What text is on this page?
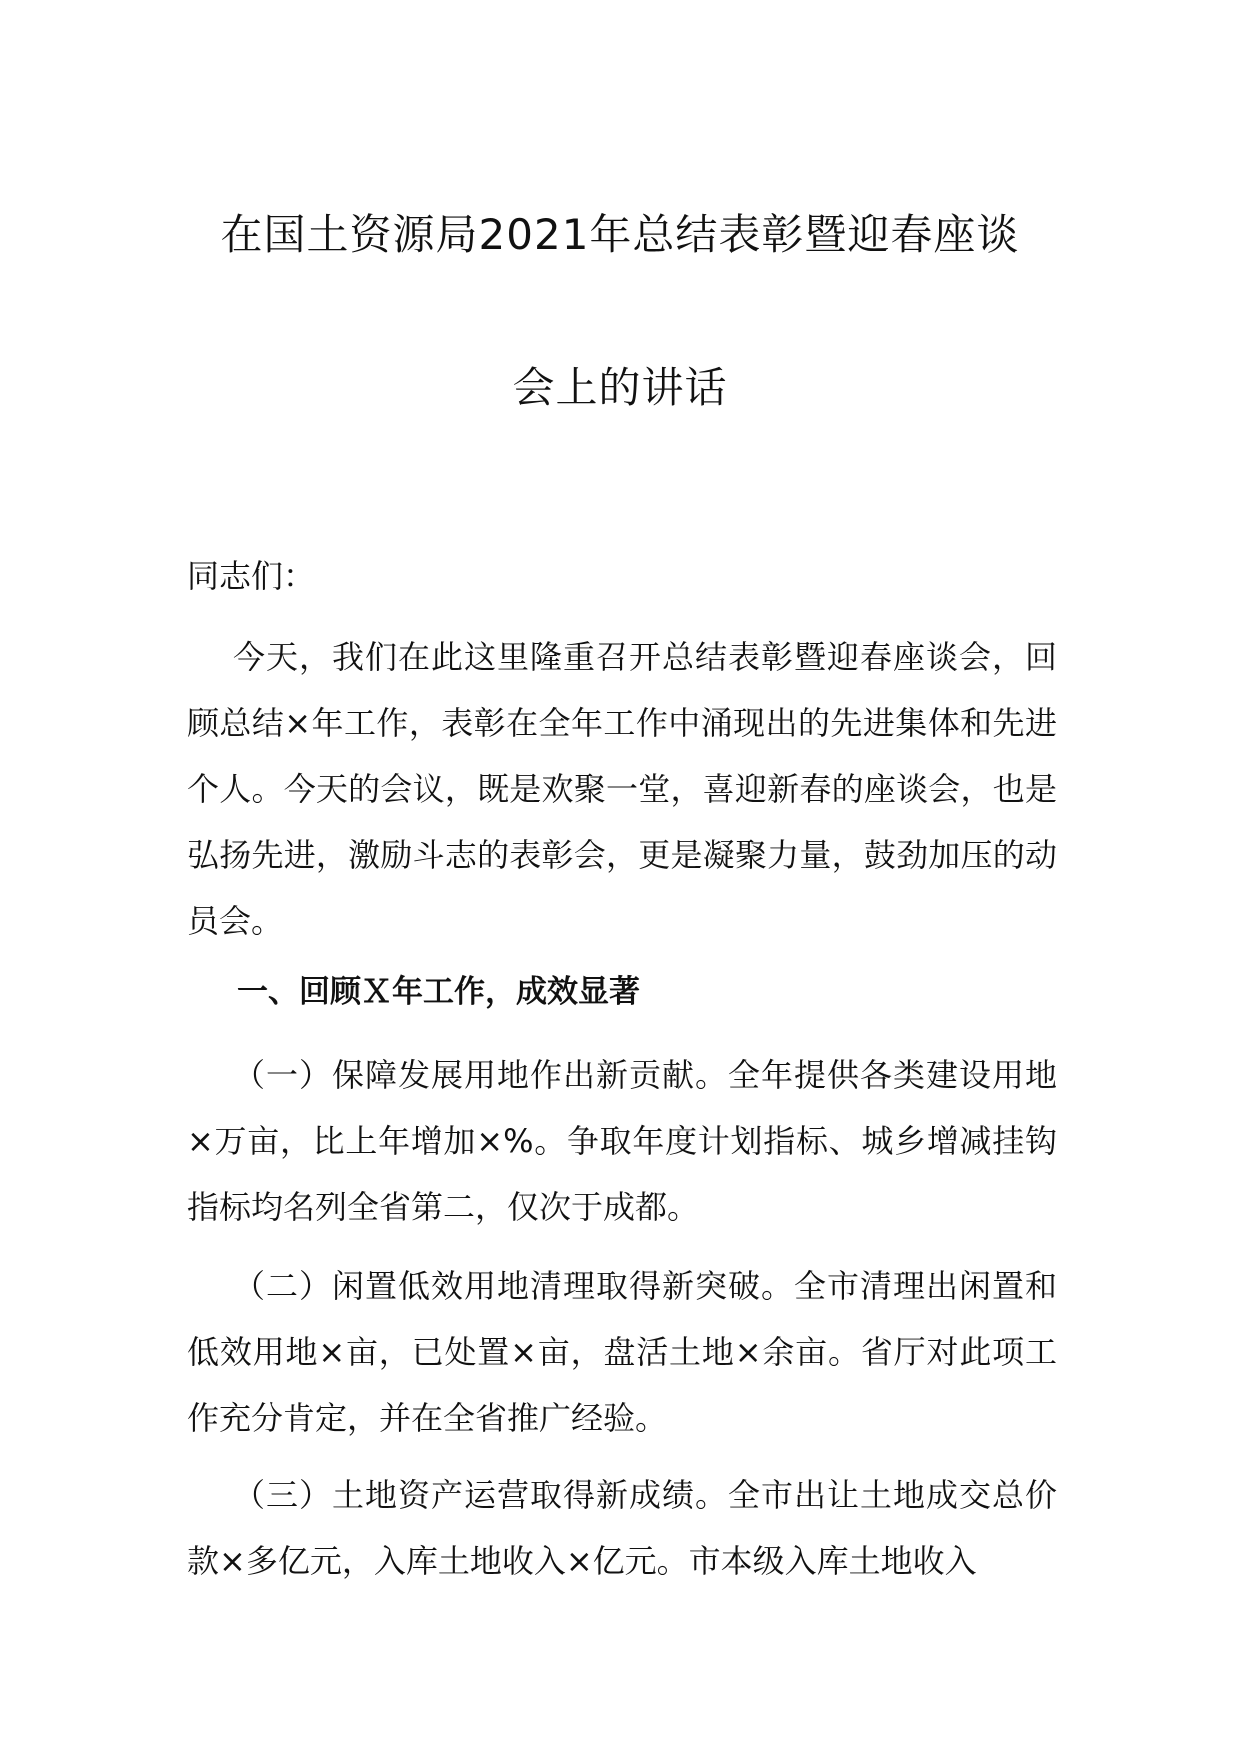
在国土资源局2021年总结表彰暨迎春座谈
会上的讲话

同志们：

今天，我们在此这里隆重召开总结表彰暨迎春座谈会，回顾总结×年工作，表彰在全年工作中涌现出的先进集体和先进个人。今天的会议，既是欢聚一堂，喜迎新春的座谈会，也是弘扬先进，激励斗志的表彰会，更是凝聚力量，鼓劲加压的动员会。

一、回顾Ｘ年工作，成效显著

（一）保障发展用地作出新贡献。全年提供各类建设用地×万亩，比上年增加×%。争取年度计划指标、城乡增减挂钩指标均名列全省第二，仅次于成都。

（二）闲置低效用地清理取得新突破。全市清理出闲置和低效用地×亩，已处置×亩，盘活土地×余亩。省厅对此项工作充分肯定，并在全省推广经验。

（三）土地资产运营取得新成绩。全市出让土地成交总价款×多亿元，入库土地收入×亿元。市本级入库土地收入
